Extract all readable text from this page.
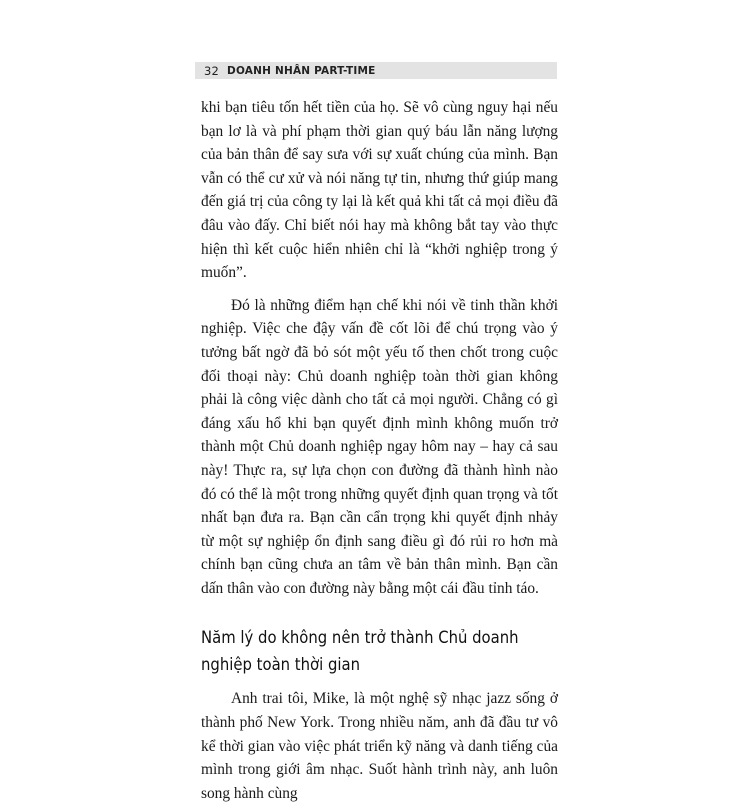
32 DOANH NHÂN PART-TIME

khi bạn tiêu tốn hết tiền của họ. Sẽ vô cùng nguy hại nếu bạn lơ là và phí phạm thời gian quý báu lẫn năng lượng của bản thân để say sưa với sự xuất chúng của mình. Bạn vẫn có thể cư xử và nói năng tự tin, nhưng thứ giúp mang đến giá trị của công ty lại là kết quả khi tất cả mọi điều đã đâu vào đấy. Chỉ biết nói hay mà không bắt tay vào thực hiện thì kết cuộc hiển nhiên chỉ là “khởi nghiệp trong ý muốn”.

Đó là những điểm hạn chế khi nói về tinh thần khởi nghiệp. Việc che đậy vấn đề cốt lõi để chú trọng vào ý tưởng bất ngờ đã bỏ sót một yếu tố then chốt trong cuộc đối thoại này: Chủ doanh nghiệp toàn thời gian không phải là công việc dành cho tất cả mọi người. Chẳng có gì đáng xấu hổ khi bạn quyết định mình không muốn trở thành một Chủ doanh nghiệp ngay hôm nay – hay cả sau này! Thực ra, sự lựa chọn con đường đã thành hình nào đó có thể là một trong những quyết định quan trọng và tốt nhất bạn đưa ra. Bạn cần cẩn trọng khi quyết định nhảy từ một sự nghiệp ổn định sang điều gì đó rủi ro hơn mà chính bạn cũng chưa an tâm về bản thân mình. Bạn cần dấn thân vào con đường này bằng một cái đầu tỉnh táo.

Năm lý do không nên trở thành Chủ doanh nghiệp toàn thời gian

Anh trai tôi, Mike, là một nghệ sỹ nhạc jazz sống ở thành phố New York. Trong nhiều năm, anh đã đầu tư vô kể thời gian vào việc phát triển kỹ năng và danh tiếng của mình trong giới âm nhạc. Suốt hành trình này, anh luôn song hành cùng
